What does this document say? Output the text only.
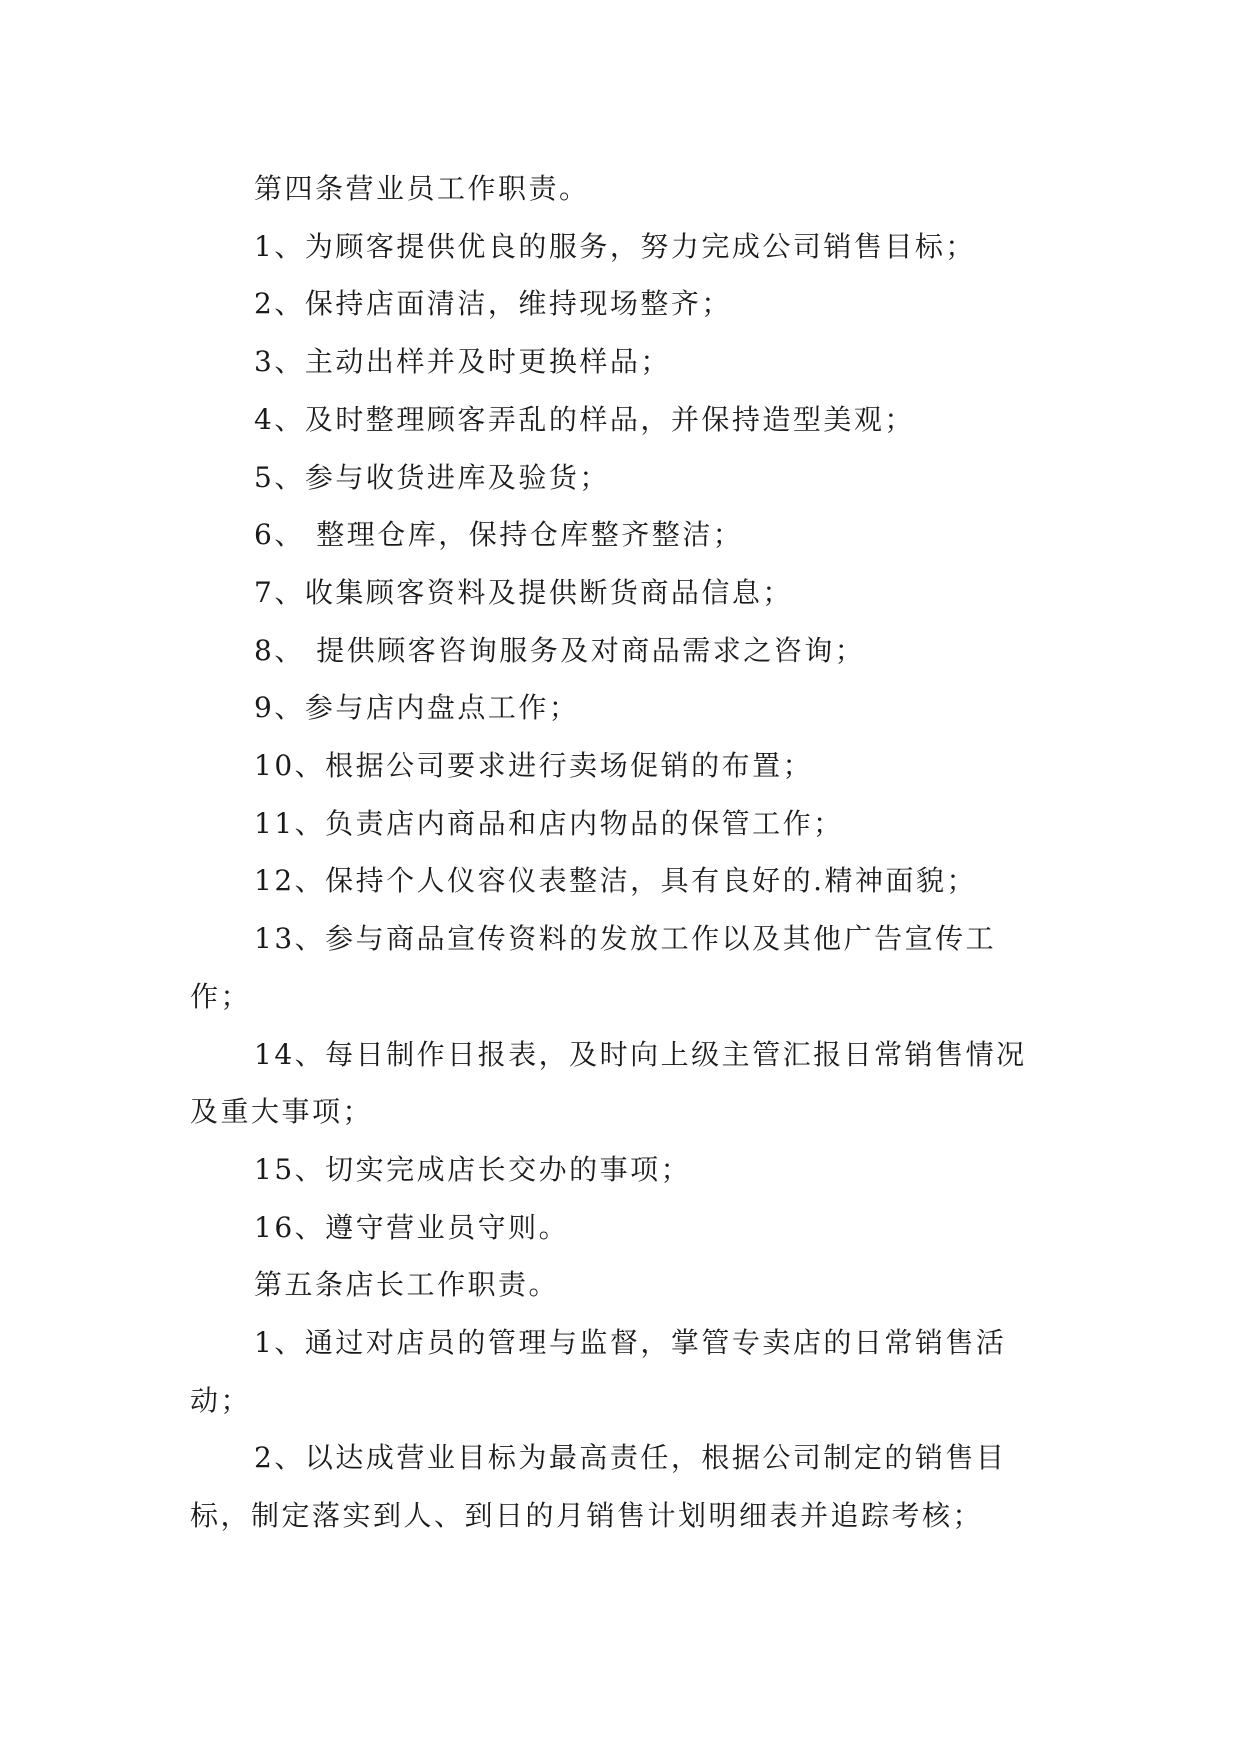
第四条营业员工作职责。

1、为顾客提供优良的服务，努力完成公司销售目标；

2、保持店面清洁，维持现场整齐；

3、主动出样并及时更换样品；

4、及时整理顾客弄乱的样品，并保持造型美观；

5、参与收货进库及验货；

6、 整理仓库，保持仓库整齐整洁；

7、收集顾客资料及提供断货商品信息；

8、 提供顾客咨询服务及对商品需求之咨询；

9、参与店内盘点工作；

10、根据公司要求进行卖场促销的布置；

11、负责店内商品和店内物品的保管工作；

12、保持个人仪容仪表整洁，具有良好的.精神面貌；

13、参与商品宣传资料的发放工作以及其他广告宣传工作；

14、每日制作日报表，及时向上级主管汇报日常销售情况及重大事项；

15、切实完成店长交办的事项；

16、遵守营业员守则。

第五条店长工作职责。

1、通过对店员的管理与监督，掌管专卖店的日常销售活动；

2、以达成营业目标为最高责任，根据公司制定的销售目标，制定落实到人、到日的月销售计划明细表并追踪考核；
